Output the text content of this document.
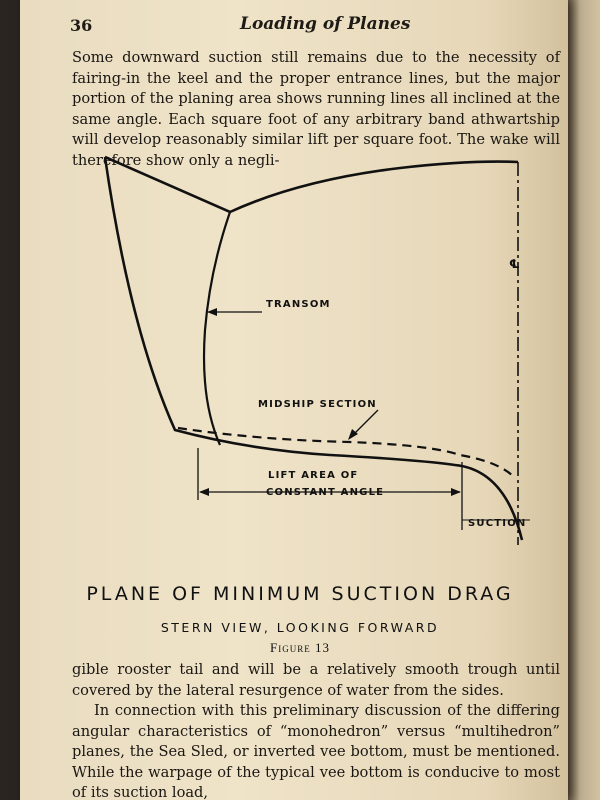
36	Loading of Planes

Some downward suction still remains due to the necessity of fairing-in the keel and the proper entrance lines, but the major portion of the planing area shows running lines all inclined at the same angle. Each square foot of any arbitrary band athwartship will develop reasonably similar lift per square foot. The wake will therefore show only a negli-

gible rooster tail and will be a relatively smooth trough until covered by the lateral resurgence of water from the sides.

In connection with this preliminary discussion of the differing angular characteristics of “monohedron” versus “multihedron” planes, the Sea Sled, or inverted vee bottom, must be mentioned. While the warpage of the typical vee bottom is conducive to most of its suction load,

℄
TRANSOM
MIDSHIP SECTION
LIFT AREA OF
CONSTANT ANGLE
SUCTION
PLANE OF MINIMUM SUCTION DRAG
STERN VIEW, LOOKING FORWARD
Figure 13
